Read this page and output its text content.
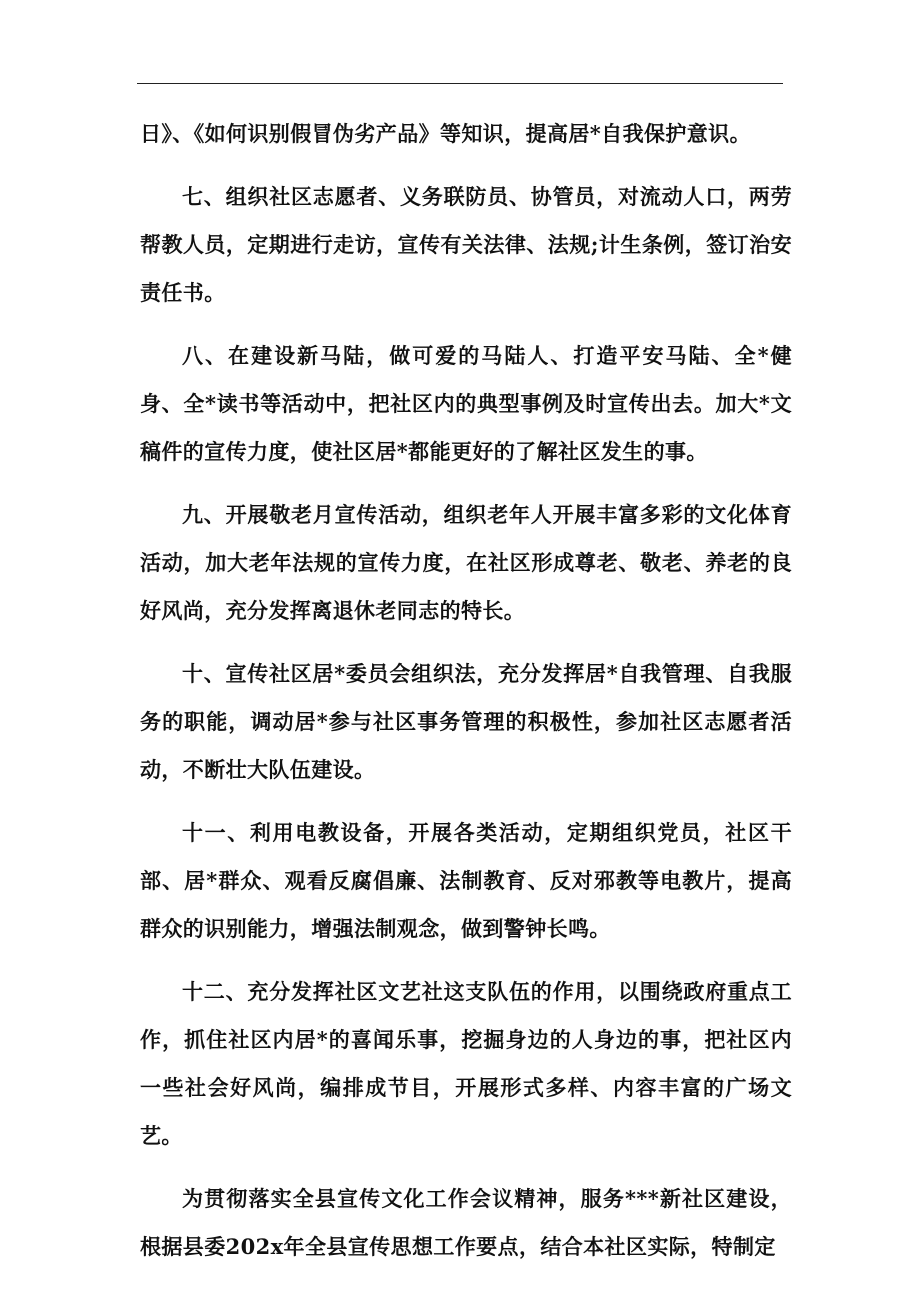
日》、《如何识别假冒伪劣产品》等知识，提高居*自我保护意识。

七、组织社区志愿者、义务联防员、协管员，对流动人口，两劳帮教人员，定期进行走访，宣传有关法律、法规;计生条例，签订治安责任书。

八、在建设新马陆，做可爱的马陆人、打造平安马陆、全*健身、全*读书等活动中，把社区内的典型事例及时宣传出去。加大*文稿件的宣传力度，使社区居*都能更好的了解社区发生的事。

九、开展敬老月宣传活动，组织老年人开展丰富多彩的文化体育活动，加大老年法规的宣传力度，在社区形成尊老、敬老、养老的良好风尚，充分发挥离退休老同志的特长。

十、宣传社区居*委员会组织法，充分发挥居*自我管理、自我服务的职能，调动居*参与社区事务管理的积极性，参加社区志愿者活动，不断壮大队伍建设。

十一、利用电教设备，开展各类活动，定期组织党员，社区干部、居*群众、观看反腐倡廉、法制教育、反对邪教等电教片，提高群众的识别能力，增强法制观念，做到警钟长鸣。

十二、充分发挥社区文艺社这支队伍的作用，以围绕政府重点工作，抓住社区内居*的喜闻乐事，挖掘身边的人身边的事，把社区内一些社会好风尚，编排成节目，开展形式多样、内容丰富的广场文艺。

为贯彻落实全县宣传文化工作会议精神，服务***新社区建设，根据县委202x年全县宣传思想工作要点，结合本社区实际，特制定
